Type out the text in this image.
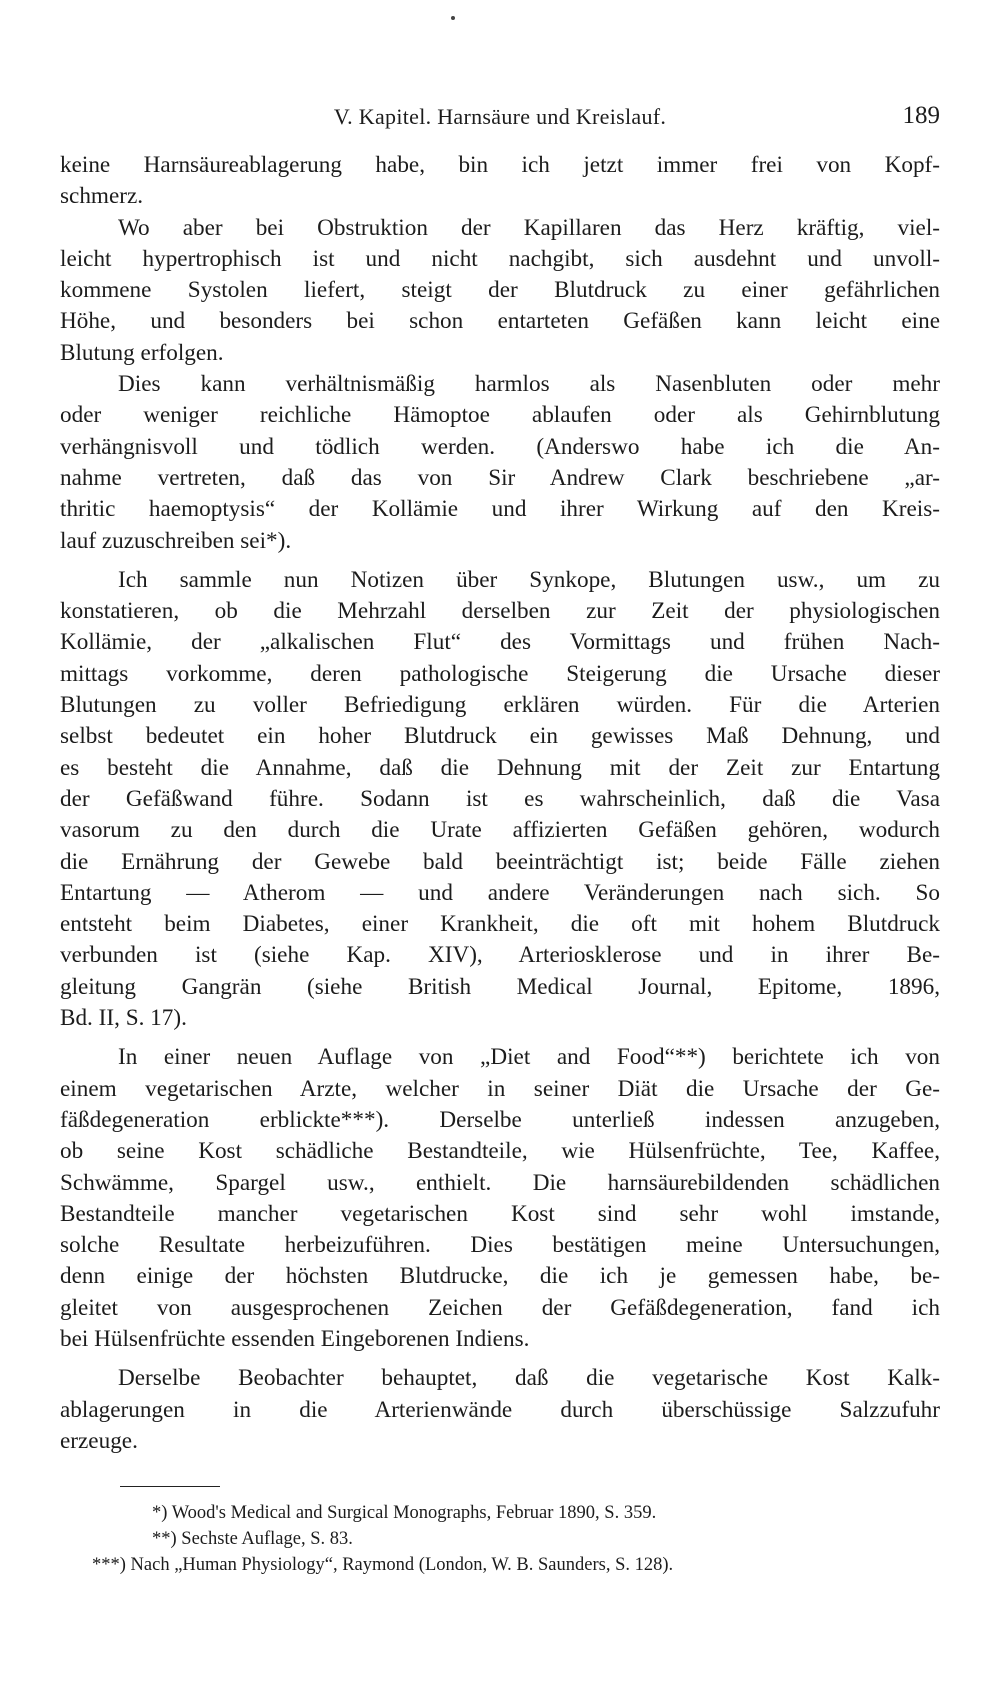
V. Kapitel. Harnsäure und Kreislauf.	189
keine Harnsäureablagerung habe, bin ich jetzt immer frei von Kopf-
schmerz.
Wo aber bei Obstruktion der Kapillaren das Herz kräftig, viel-
leicht hypertrophisch ist und nicht nachgibt, sich ausdehnt und unvoll-
kommene Systolen liefert, steigt der Blutdruck zu einer gefährlichen
Höhe, und besonders bei schon entarteten Gefäßen kann leicht eine
Blutung erfolgen.
Dies kann verhältnismäßig harmlos als Nasenbluten oder mehr
oder weniger reichliche Hämoptoe ablaufen oder als Gehirnblutung
verhängnisvoll und tödlich werden. (Anderswo habe ich die An-
nahme vertreten, daß das von Sir Andrew Clark beschriebene „ar-
thritic haemoptysis“ der Kollämie und ihrer Wirkung auf den Kreis-
lauf zuzuschreiben sei*).
Ich sammle nun Notizen über Synkope, Blutungen usw., um zu
konstatieren, ob die Mehrzahl derselben zur Zeit der physiologischen
Kollämie, der „alkalischen Flut“ des Vormittags und frühen Nach-
mittags vorkomme, deren pathologische Steigerung die Ursache dieser
Blutungen zu voller Befriedigung erklären würden. Für die Arterien
selbst bedeutet ein hoher Blutdruck ein gewisses Maß Dehnung, und
es besteht die Annahme, daß die Dehnung mit der Zeit zur Entartung
der Gefäßwand führe. Sodann ist es wahrscheinlich, daß die Vasa
vasorum zu den durch die Urate affizierten Gefäßen gehören, wodurch
die Ernährung der Gewebe bald beeinträchtigt ist; beide Fälle ziehen
Entartung — Atherom — und andere Veränderungen nach sich. So
entsteht beim Diabetes, einer Krankheit, die oft mit hohem Blutdruck
verbunden ist (siehe Kap. XIV), Arteriosklerose und in ihrer Be-
gleitung Gangrän (siehe British Medical Journal, Epitome, 1896,
Bd. II, S. 17).
In einer neuen Auflage von „Diet and Food“**) berichtete ich von
einem vegetarischen Arzte, welcher in seiner Diät die Ursache der Ge-
fäßdegeneration erblickte***). Derselbe unterließ indessen anzugeben,
ob seine Kost schädliche Bestandteile, wie Hülsenfrüchte, Tee, Kaffee,
Schwämme, Spargel usw., enthielt. Die harnsäurebildenden schädlichen
Bestandteile mancher vegetarischen Kost sind sehr wohl imstande,
solche Resultate herbeizuführen. Dies bestätigen meine Untersuchungen,
denn einige der höchsten Blutdrucke, die ich je gemessen habe, be-
gleitet von ausgesprochenen Zeichen der Gefäßdegeneration, fand ich
bei Hülsenfrüchte essenden Eingeborenen Indiens.
Derselbe Beobachter behauptet, daß die vegetarische Kost Kalk-
ablagerungen in die Arterienwände durch überschüssige Salzzufuhr
erzeuge.
*) Wood's Medical and Surgical Monographs, Februar 1890, S. 359.
**) Sechste Auflage, S. 83.
***) Nach „Human Physiology“, Raymond (London, W. B. Saunders, S. 128).
